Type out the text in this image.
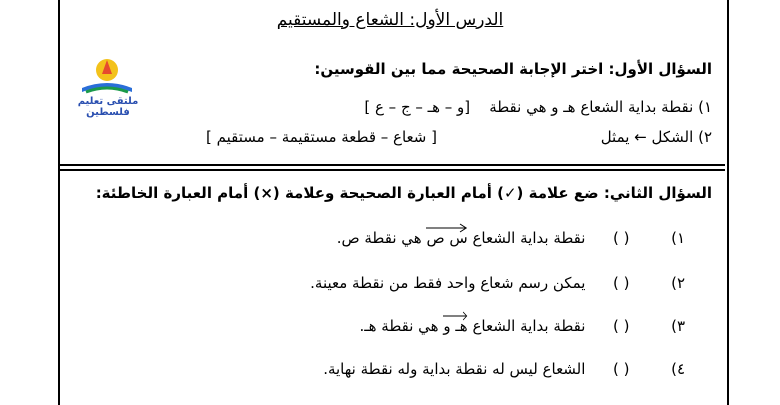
الدرس الأول: الشعاع والمستقيم
ملتقى تعليم فلسطين
السؤال الأول: اختر الإجابة الصحيحة مما بين القوسين:
١) نقطة بداية الشعاع هـ و هي نقطة    [و – هـ – ج – ع ]
٢) الشكل ← يمثل
[ شعاع – قطعة مستقيمة – مستقيم ]
السؤال الثاني: ضع علامة (✓) أمام العبارة الصحيحة وعلامة (×) أمام العبارة الخاطئة:
١) ( ) نقطة بداية الشعاع
س ص هي نقطة ص.
٢) ( ) يمكن رسم شعاع واحد فقط من نقطة معينة.
٣) ( ) نقطة بداية الشعاع
هـ و هي نقطة هـ.
٤) ( ) الشعاع ليس له نقطة بداية وله نقطة نهاية.
